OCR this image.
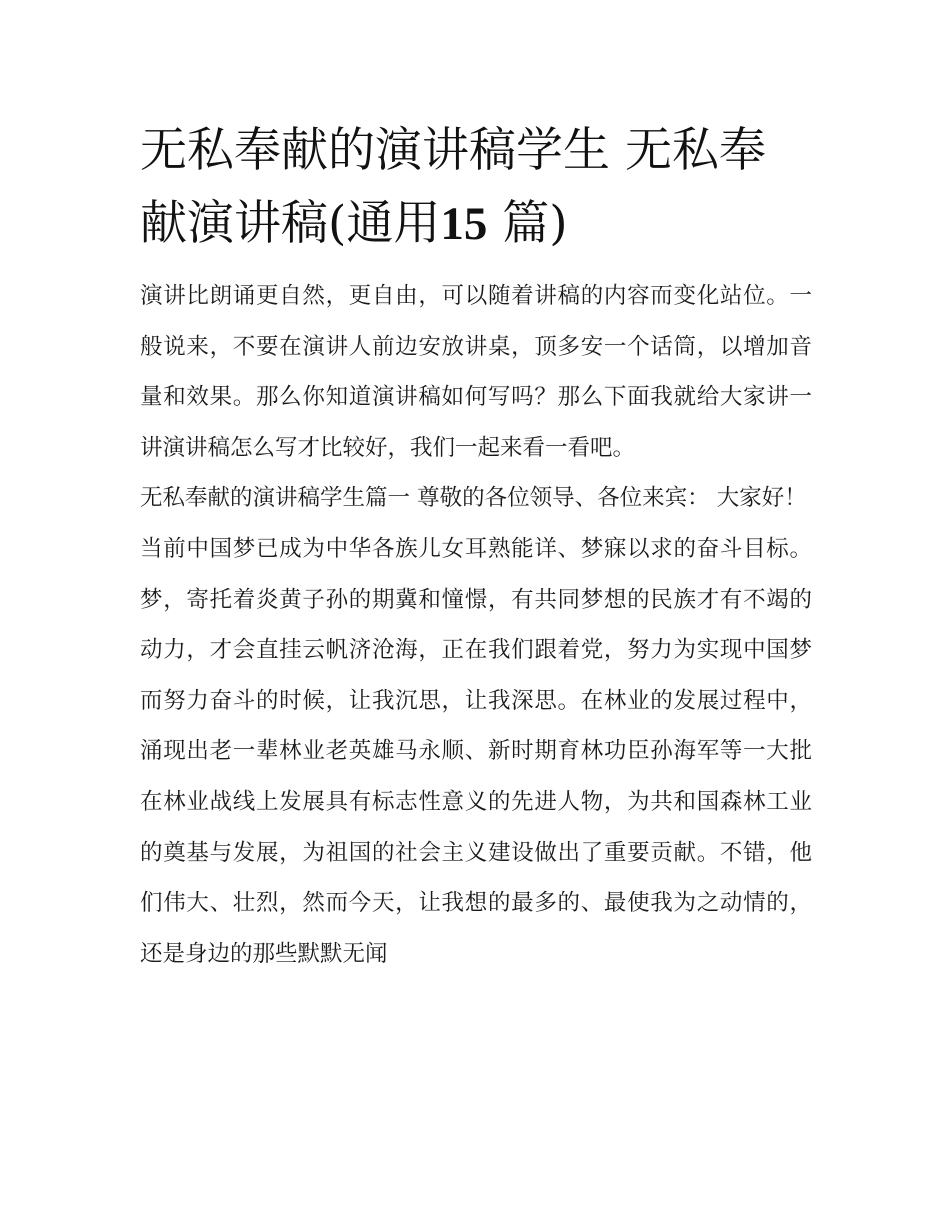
无私奉献的演讲稿学生 无私奉献演讲稿(通用15 篇)

演讲比朗诵更自然，更自由，可以随着讲稿的内容而变化站位。一般说来，不要在演讲人前边安放讲桌，顶多安一个话筒，以增加音量和效果。那么你知道演讲稿如何写吗？那么下面我就给大家讲一讲演讲稿怎么写才比较好，我们一起来看一看吧。

无私奉献的演讲稿学生篇一 尊敬的各位领导、各位来宾： 大家好！

当前中国梦已成为中华各族儿女耳熟能详、梦寐以求的奋斗目标。梦，寄托着炎黄子孙的期冀和憧憬，有共同梦想的民族才有不竭的动力，才会直挂云帆济沧海，正在我们跟着党，努力为实现中国梦而努力奋斗的时候，让我沉思，让我深思。在林业的发展过程中，涌现出老一辈林业老英雄马永顺、新时期育林功臣孙海军等一大批在林业战线上发展具有标志性意义的先进人物，为共和国森林工业的奠基与发展，为祖国的社会主义建设做出了重要贡献。不错，他们伟大、壮烈，然而今天，让我想的最多的、最使我为之动情的，还是身边的那些默默无闻
